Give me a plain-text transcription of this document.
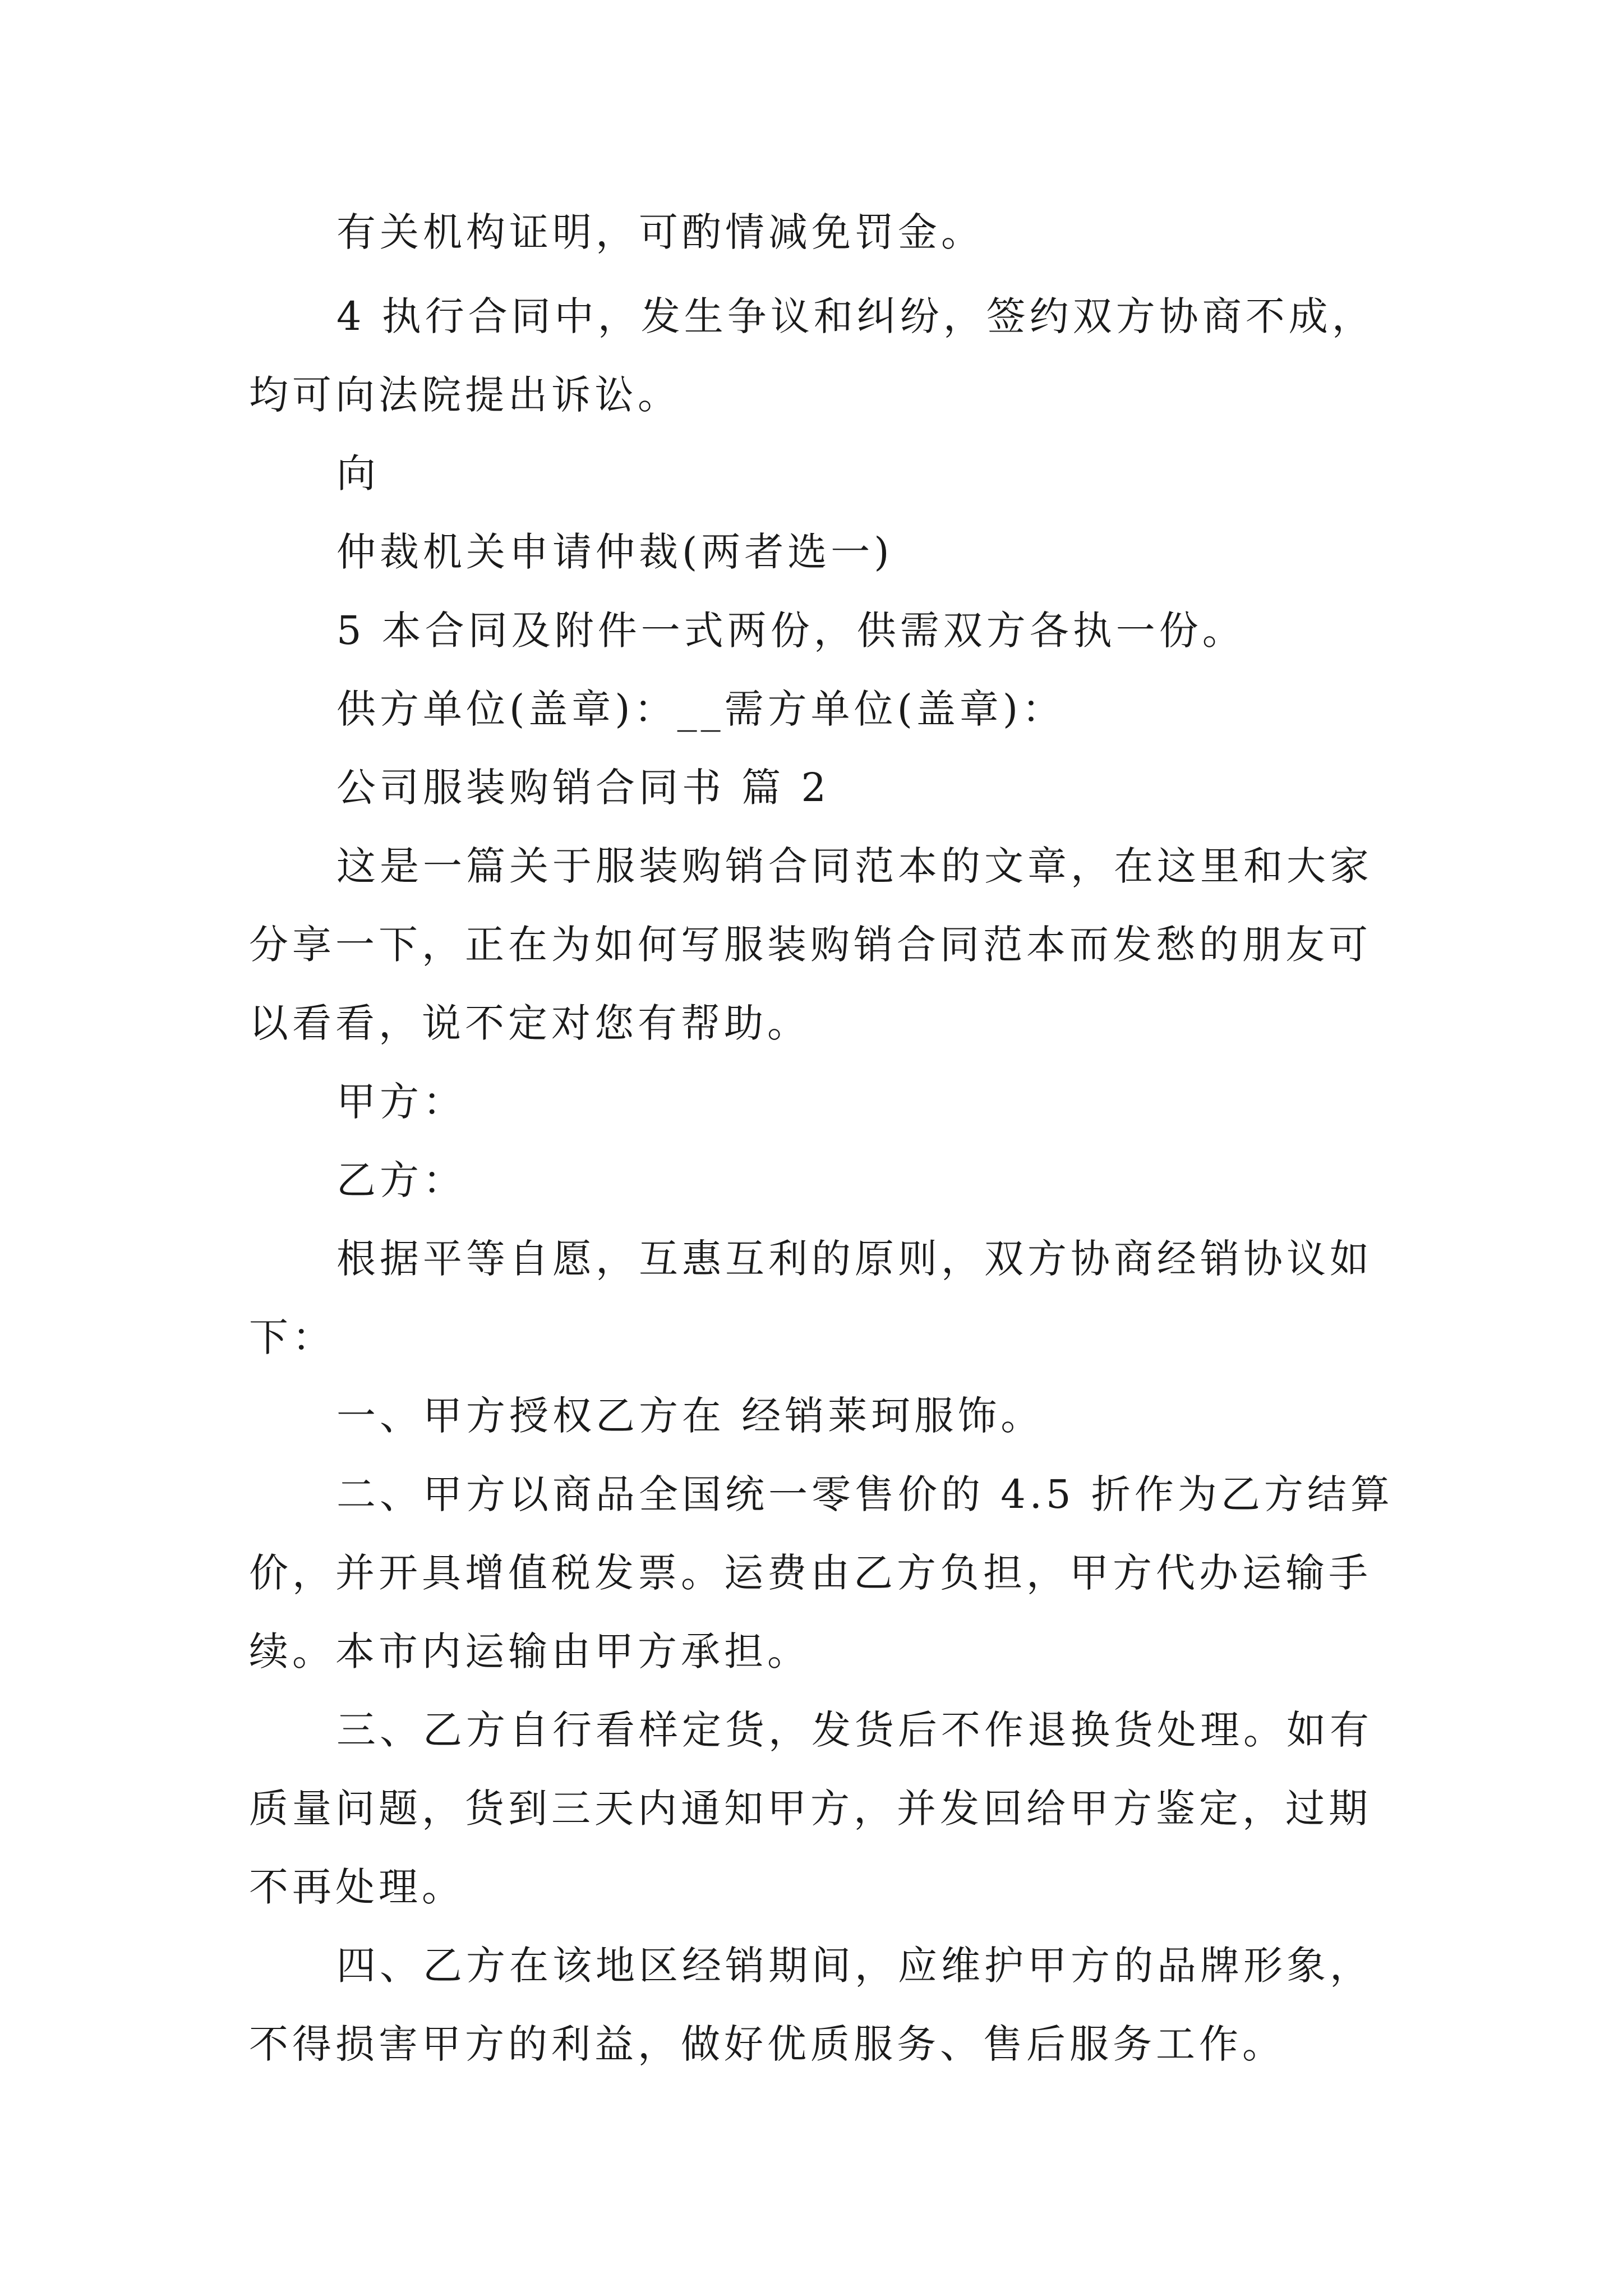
有关机构证明，可酌情减免罚金。
4 执行合同中，发生争议和纠纷，签约双方协商不成，
均可向法院提出诉讼。
向
仲裁机关申请仲裁(两者选一)
5 本合同及附件一式两份，供需双方各执一份。
供方单位(盖章)：__需方单位(盖章)：
公司服装购销合同书 篇 2
这是一篇关于服装购销合同范本的文章，在这里和大家
分享一下，正在为如何写服装购销合同范本而发愁的朋友可
以看看，说不定对您有帮助。
甲方：
乙方：
根据平等自愿，互惠互利的原则，双方协商经销协议如
下：
一、甲方授权乙方在 经销莱珂服饰。
二、甲方以商品全国统一零售价的 4.5 折作为乙方结算
价，并开具增值税发票。运费由乙方负担，甲方代办运输手
续。本市内运输由甲方承担。
三、乙方自行看样定货，发货后不作退换货处理。如有
质量问题，货到三天内通知甲方，并发回给甲方鉴定，过期
不再处理。
四、乙方在该地区经销期间，应维护甲方的品牌形象，
不得损害甲方的利益，做好优质服务、售后服务工作。
